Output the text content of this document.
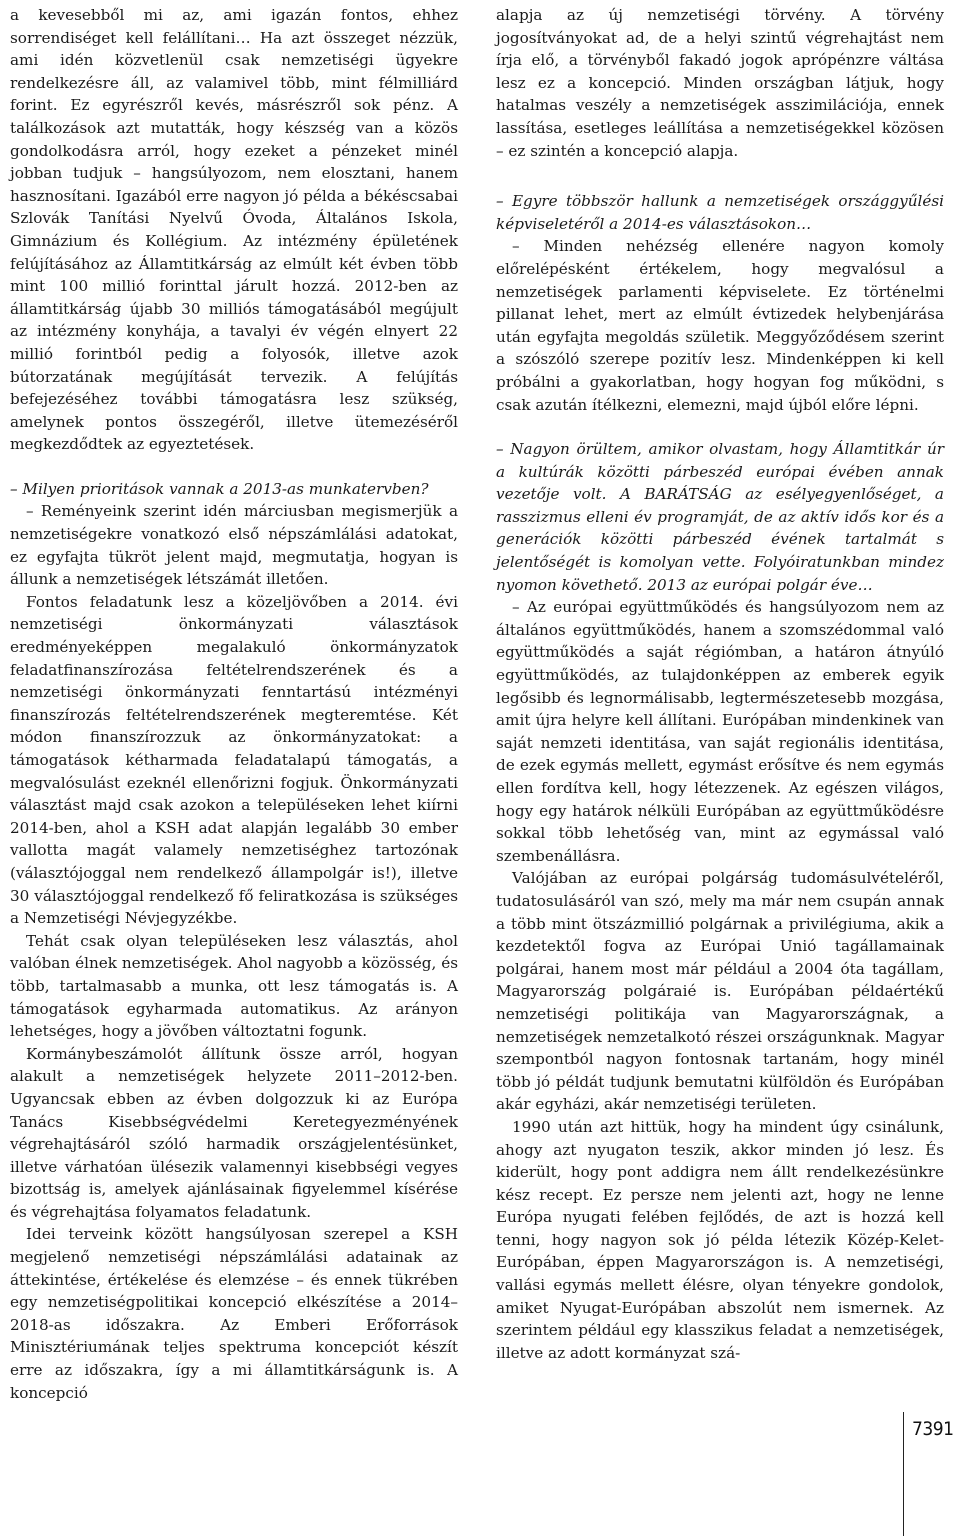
a kevesebből mi az, ami igazán fontos, ehhez sorrendiséget kell felállítani… Ha azt összeget nézzük, ami idén közvetlenül csak nemzetiségi ügyekre rendelkezésre áll, az valamivel több, mint félmilliárd forint. Ez egyrészről kevés, másrészről sok pénz. A találkozások azt mutatták, hogy készség van a közös gondolkodásra arról, hogy ezeket a pénzeket minél jobban tudjuk – hangsúlyozom, nem elosztani, hanem hasznosítani. Igazából erre nagyon jó példa a békéscsabai Szlovák Tanítási Nyelvű Óvoda, Általános Iskola, Gimnázium és Kollégium. Az intézmény épületének felújításához az Államtitkárság az elmúlt két évben több mint 100 millió forinttal járult hozzá. 2012-ben az államtitkárság újabb 30 milliós támogatásából megújult az intézmény konyhája, a tavalyi év végén elnyert 22 millió forintból pedig a folyosók, illetve azok bútorzatának megújítását tervezik. A felújítás befejezéséhez további támogatásra lesz szükség, amelynek pontos összegéről, illetve ütemezéséről megkezdődtek az egyeztetések.

– Milyen prioritások vannak a 2013-as munkatervben?

– Reményeink szerint idén márciusban megismerjük a nemzetiségekre vonatkozó első népszámlálási adatokat, ez egyfajta tükröt jelent majd, megmutatja, hogyan is állunk a nemzetiségek létszámát illetően.

Fontos feladatunk lesz a közeljövőben a 2014. évi nemzetiségi önkormányzati választások eredményeképpen megalakuló önkormányzatok feladatfinanszírozása feltételrendszerének és a nemzetiségi önkormányzati fenntartású intézményi finanszírozás feltételrendszerének megteremtése. Két módon finanszírozzuk az önkormányzatokat: a támogatások kétharmada feladatalapú támogatás, a megvalósulást ezeknél ellenőrizni fogjuk. Önkormányzati választást majd csak azokon a településeken lehet kiírni 2014-ben, ahol a KSH adat alapján legalább 30 ember vallotta magát valamely nemzetiséghez tartozónak (választójoggal nem rendelkező állampolgár is!), illetve 30 választójoggal rendelkező fő feliratkozása is szükséges a Nemzetiségi Névjegyzékbe.

Tehát csak olyan településeken lesz választás, ahol valóban élnek nemzetiségek. Ahol nagyobb a közösség, és több, tartalmasabb a munka, ott lesz támogatás is. A támogatások egyharmada automatikus. Az arányon lehetséges, hogy a jövőben változtatni fogunk.

Kormánybeszámolót állítunk össze arról, hogyan alakult a nemzetiségek helyzete 2011–2012-ben. Ugyancsak ebben az évben dolgozzuk ki az Európa Tanács Kisebbségvédelmi Keretegyezményének végrehajtásáról szóló harmadik országjelentésünket, illetve várhatóan ülésezik valamennyi kisebbségi vegyes bizottság is, amelyek ajánlásainak figyelemmel kísérése és végrehajtása folyamatos feladatunk.

Idei terveink között hangsúlyosan szerepel a KSH megjelenő nemzetiségi népszámlálási adatainak az áttekintése, értékelése és elemzése – és ennek tükrében egy nemzetiségpolitikai koncepció elkészítése a 2014–2018-as időszakra. Az Emberi Erőforrások Minisztériumának teljes spektruma koncepciót készít erre az időszakra, így a mi államtitkárságunk is. A koncepció

alapja az új nemzetiségi törvény. A törvény jogosítványokat ad, de a helyi szintű végrehajtást nem írja elő, a törvényből fakadó jogok aprópénzre váltása lesz ez a koncepció. Minden országban látjuk, hogy hatalmas veszély a nemzetiségek asszimilációja, ennek lassítása, esetleges leállítása a nemzetiségekkel közösen – ez szintén a koncepció alapja.

– Egyre többször hallunk a nemzetiségek országgyűlési képviseletéről a 2014-es választásokon…

– Minden nehézség ellenére nagyon komoly előrelépésként értékelem, hogy megvalósul a nemzetiségek parlamenti képviselete. Ez történelmi pillanat lehet, mert az elmúlt évtizedek helybenjárása után egyfajta megoldás születik. Meggyőződésem szerint a szószóló szerepe pozitív lesz. Mindenképpen ki kell próbálni a gyakorlatban, hogy hogyan fog működni, s csak azután ítélkezni, elemezni, majd újból előre lépni.

– Nagyon örültem, amikor olvastam, hogy Államtitkár úr a kultúrák közötti párbeszéd európai évében annak vezetője volt. A BARÁTSÁG az esélyegyenlőséget, a rasszizmus elleni év programját, de az aktív idős kor és a generációk közötti párbeszéd évének tartalmát s jelentőségét is komolyan vette. Folyóiratunkban mindez nyomon követhető. 2013 az európai polgár éve…

– Az európai együttműködés és hangsúlyozom nem az általános együttműködés, hanem a szomszédommal való együttműködés a saját régiómban, a határon átnyúló együttműködés, az tulajdonképpen az emberek egyik legősibb és legnormálisabb, legtermészetesebb mozgása, amit újra helyre kell állítani. Európában mindenkinek van saját nemzeti identitása, van saját regionális identitása, de ezek egymás mellett, egymást erősítve és nem egymás ellen fordítva kell, hogy létezzenek. Az egészen világos, hogy egy határok nélküli Európában az együttműködésre sokkal több lehetőség van, mint az egymással való szembenállásra.

Valójában az európai polgárság tudomásulvételéről, tudatosulásáról van szó, mely ma már nem csupán annak a több mint ötszázmillió polgárnak a privilégiuma, akik a kezdetektől fogva az Európai Unió tagállamainak polgárai, hanem most már például a 2004 óta tagállam, Magyarország polgáraié is. Európában példaértékű nemzetiségi politikája van Magyarországnak, a nemzetiségek nemzetalkotó részei országunknak. Magyar szempontból nagyon fontosnak tartanám, hogy minél több jó példát tudjunk bemutatni külföldön és Európában akár egyházi, akár nemzetiségi területen.

1990 után azt hittük, hogy ha mindent úgy csinálunk, ahogy azt nyugaton teszik, akkor minden jó lesz. És kiderült, hogy pont addigra nem állt rendelkezésünkre kész recept. Ez persze nem jelenti azt, hogy ne lenne Európa nyugati felében fejlődés, de azt is hozzá kell tenni, hogy nagyon sok jó példa létezik Közép-Kelet-Európában, éppen Magyarországon is. A nemzetiségi, vallási egymás mellett élésre, olyan tényekre gondolok, amiket Nyugat-Európában abszolút nem ismernek. Az szerintem például egy klasszikus feladat a nemzetiségek, illetve az adott kormányzat szá-

7391
